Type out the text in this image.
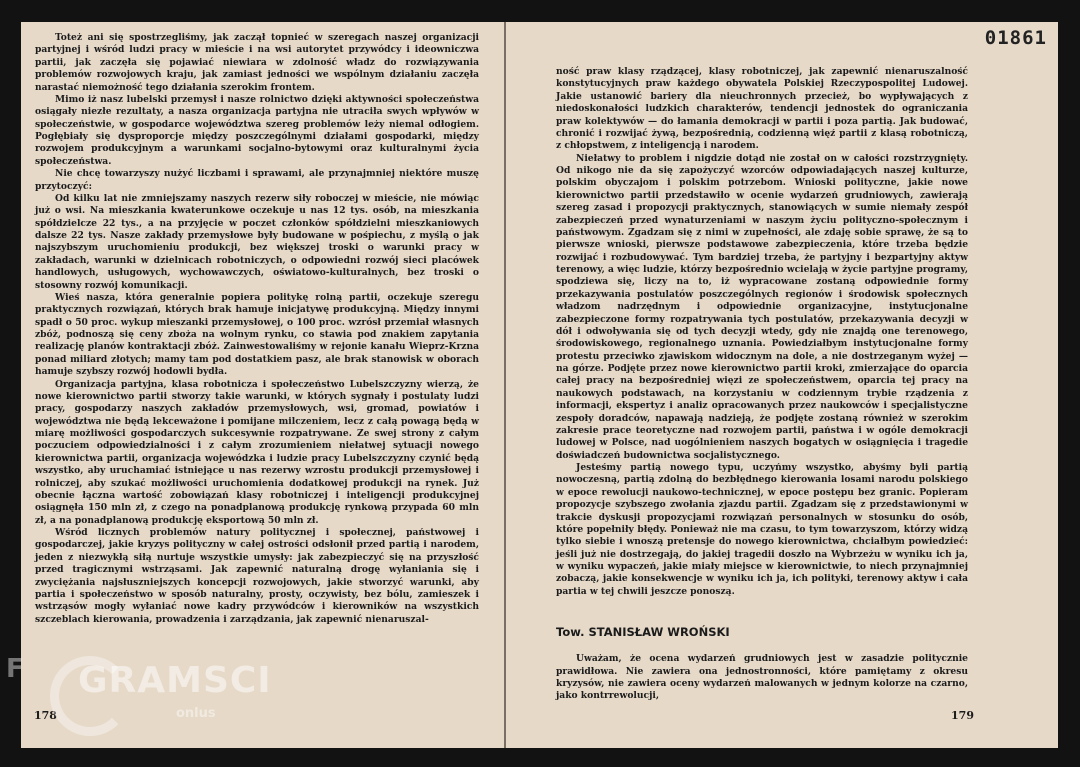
Toteż ani się spostrzegliśmy, jak zaczął topnieć w szeregach naszej organizacji partyjnej i wśród ludzi pracy w mieście i na wsi autorytet przywódcy i ideowniczwa partii, jak zaczęła się pojawiać niewiara w zdolność władz do rozwiązywania problemów rozwojowych kraju, jak zamiast jedności we wspólnym działaniu zaczęła narastać niemożność tego działania szerokim frontem.

Mimo iż nasz lubelski przemysł i nasze rolnictwo dzięki aktywności społeczeństwa osiągały niezłe rezultaty, a nasza organizacja partyjna nie utraciła swych wpływów w społeczeństwie, w gospodarce województwa szereg problemów leży niemal odłogiem. Pogłębiały się dysproporcje między poszczególnymi działami gospodarki, między rozwojem produkcyjnym a warunkami socjalno-bytowymi oraz kulturalnymi życia społeczeństwa.

Nie chcę towarzyszy nużyć liczbami i sprawami, ale przynajmniej niektóre muszę przytoczyć:

Od kilku lat nie zmniejszamy naszych rezerw siły roboczej w mieście, nie mówiąc już o wsi. Na mieszkania kwaterunkowe oczekuje u nas 12 tys. osób, na mieszkania spółdzielcze 22 tys., a na przyjęcie w poczet członków spółdzielni mieszkaniowych dalsze 22 tys. Nasze zakłady przemysłowe były budowane w pośpiechu, z myślą o jak najszybszym uruchomieniu produkcji, bez większej troski o warunki pracy w zakładach, warunki w dzielnicach robotniczych, o odpowiedni rozwój sieci placówek handlowych, usługowych, wychowawczych, oświatowo-kulturalnych, bez troski o stosowny rozwój komunikacji.

Wieś nasza, która generalnie popiera politykę rolną partii, oczekuje szeregu praktycznych rozwiązań, których brak hamuje inicjatywę produkcyjną. Między innymi spadł o 50 proc. wykup mieszanki przemysłowej, o 100 proc. wzrósł przemiał własnych zbóż, podnoszą się ceny zboża na wolnym rynku, co stawia pod znakiem zapytania realizację planów kontraktacji zbóż. Zainwestowaliśmy w rejonie kanału Wieprz-Krzna ponad miliard złotych; mamy tam pod dostatkiem pasz, ale brak stanowisk w oborach hamuje szybszy rozwój hodowli bydła.

Organizacja partyjna, klasa robotnicza i społeczeństwo Lubelszczyzny wierzą, że nowe kierownictwo partii stworzy takie warunki, w których sygnały i postulaty ludzi pracy, gospodarzy naszych zakładów przemysłowych, wsi, gromad, powiatów i województwa nie będą lekceważone i pomijane milczeniem, lecz z całą powagą będą w miarę możliwości gospodarczych sukcesywnie rozpatrywane. Ze swej strony z całym poczuciem odpowiedzialności i z całym zrozumieniem niełatwej sytuacji nowego kierownictwa partii, organizacja wojewódzka i ludzie pracy Lubelszczyzny czynić będą wszystko, aby uruchamiać istniejące u nas rezerwy wzrostu produkcji przemysłowej i rolniczej, aby szukać możliwości uruchomienia dodatkowej produkcji na rynek. Już obecnie łączna wartość zobowiązań klasy robotniczej i inteligencji produkcyjnej osiągnęła 150 mln zł, z czego na ponadplanową produkcję rynkową przypada 60 mln zł, a na ponadplanową produkcję eksportową 50 mln zł.

Wśród licznych problemów natury politycznej i społecznej, państwowej i gospodarczej, jakie kryzys polityczny w całej ostrości odsłonił przed partią i narodem, jeden z niezwykłą siłą nurtuje wszystkie umysły: jak zabezpieczyć się na przyszłość przed tragicznymi wstrząsami. Jak zapewnić naturalną drogę wyłaniania się i zwyciężania najsłuszniejszych koncepcji rozwojowych, jakie stworzyć warunki, aby partia i społeczeństwo w sposób naturalny, prosty, oczywisty, bez bólu, zamieszek i wstrząsów mogły wyłaniać nowe kadry przywódców i kierowników na wszystkich szczeblach kierowania, prowadzenia i zarządzania, jak zapewnić nienaruszal-

178

ność praw klasy rządzącej, klasy robotniczej, jak zapewnić nienaruszalność konstytucyjnych praw każdego obywatela Polskiej Rzeczypospolitej Ludowej. Jakie ustanowić bariery dla nieuchronnych przecież, bo wypływających z niedoskonałości ludzkich charakterów, tendencji jednostek do ograniczania praw kolektywów — do łamania demokracji w partii i poza partią. Jak budować, chronić i rozwijać żywą, bezpośrednią, codzienną więź partii z klasą robotniczą, z chłopstwem, z inteligencją i narodem.

Niełatwy to problem i nigdzie dotąd nie został on w całości rozstrzygnięty. Od nikogo nie da się zapożyczyć wzorców odpowiadających naszej kulturze, polskim obyczajom i polskim potrzebom. Wnioski polityczne, jakie nowe kierownictwo partii przedstawiło w ocenie wydarzeń grudniowych, zawierają szereg zasad i propozycji praktycznych, stanowiących w sumie niemały zespół zabezpieczeń przed wynaturzeniami w naszym życiu polityczno-społecznym i państwowym. Zgadzam się z nimi w zupełności, ale zdaję sobie sprawę, że są to pierwsze wnioski, pierwsze podstawowe zabezpieczenia, które trzeba będzie rozwijać i rozbudowywać. Tym bardziej trzeba, że partyjny i bezpartyjny aktyw terenowy, a więc ludzie, którzy bezpośrednio wcielają w życie partyjne programy, spodziewa się, liczy na to, iż wypracowane zostaną odpowiednie formy przekazywania postulatów poszczególnych regionów i środowisk społecznych władzom nadrzędnym i odpowiednie organizacyjne, instytucjonalne zabezpieczone formy rozpatrywania tych postulatów, przekazywania decyzji w dół i odwoływania się od tych decyzji wtedy, gdy nie znajdą one terenowego, środowiskowego, regionalnego uznania. Powiedziałbym instytucjonalne formy protestu przeciwko zjawiskom widocznym na dole, a nie dostrzeganym wyżej — na górze. Podjęte przez nowe kierownictwo partii kroki, zmierzające do oparcia całej pracy na bezpośredniej więzi ze społeczeństwem, oparcia tej pracy na naukowych podstawach, na korzystaniu w codziennym trybie rządzenia z informacji, ekspertyz i analiz opracowanych przez naukowców i specjalistyczne zespoły doradców, napawają nadzieją, że podjęte zostaną również w szerokim zakresie prace teoretyczne nad rozwojem partii, państwa i w ogóle demokracji ludowej w Polsce, nad uogólnieniem naszych bogatych w osiągnięcia i tragedie doświadczeń budownictwa socjalistycznego.

Jesteśmy partią nowego typu, uczyńmy wszystko, abyśmy byli partią nowoczesną, partią zdolną do bezbłędnego kierowania losami narodu polskiego w epoce rewolucji naukowo-technicznej, w epoce postępu bez granic. Popieram propozycje szybszego zwołania zjazdu partii. Zgadzam się z przedstawionymi w trakcie dyskusji propozycjami rozwiązań personalnych w stosunku do osób, które popełniły błędy. Ponieważ nie ma czasu, to tym towarzyszom, którzy widzą tylko siebie i wnoszą pretensje do nowego kierownictwa, chciałbym powiedzieć: jeśli już nie dostrzegają, do jakiej tragedii doszło na Wybrzeżu w wyniku ich ja, w wyniku wypaczeń, jakie miały miejsce w kierownictwie, to niech przynajmniej zobaczą, jakie konsekwencje w wyniku ich ja, ich polityki, terenowy aktyw i cała partia w tej chwili jeszcze ponoszą.

Tow. STANISŁAW WROŃSKI

Uważam, że ocena wydarzeń grudniowych jest w zasadzie politycznie prawidłowa. Nie zawiera ona jednostronności, które pamiętamy z okresu kryzysów, nie zawiera oceny wydarzeń malowanych w jednym kolorze na czarno, jako kontrrewolucji,

179
01861
F GRAMSCI
onlus
